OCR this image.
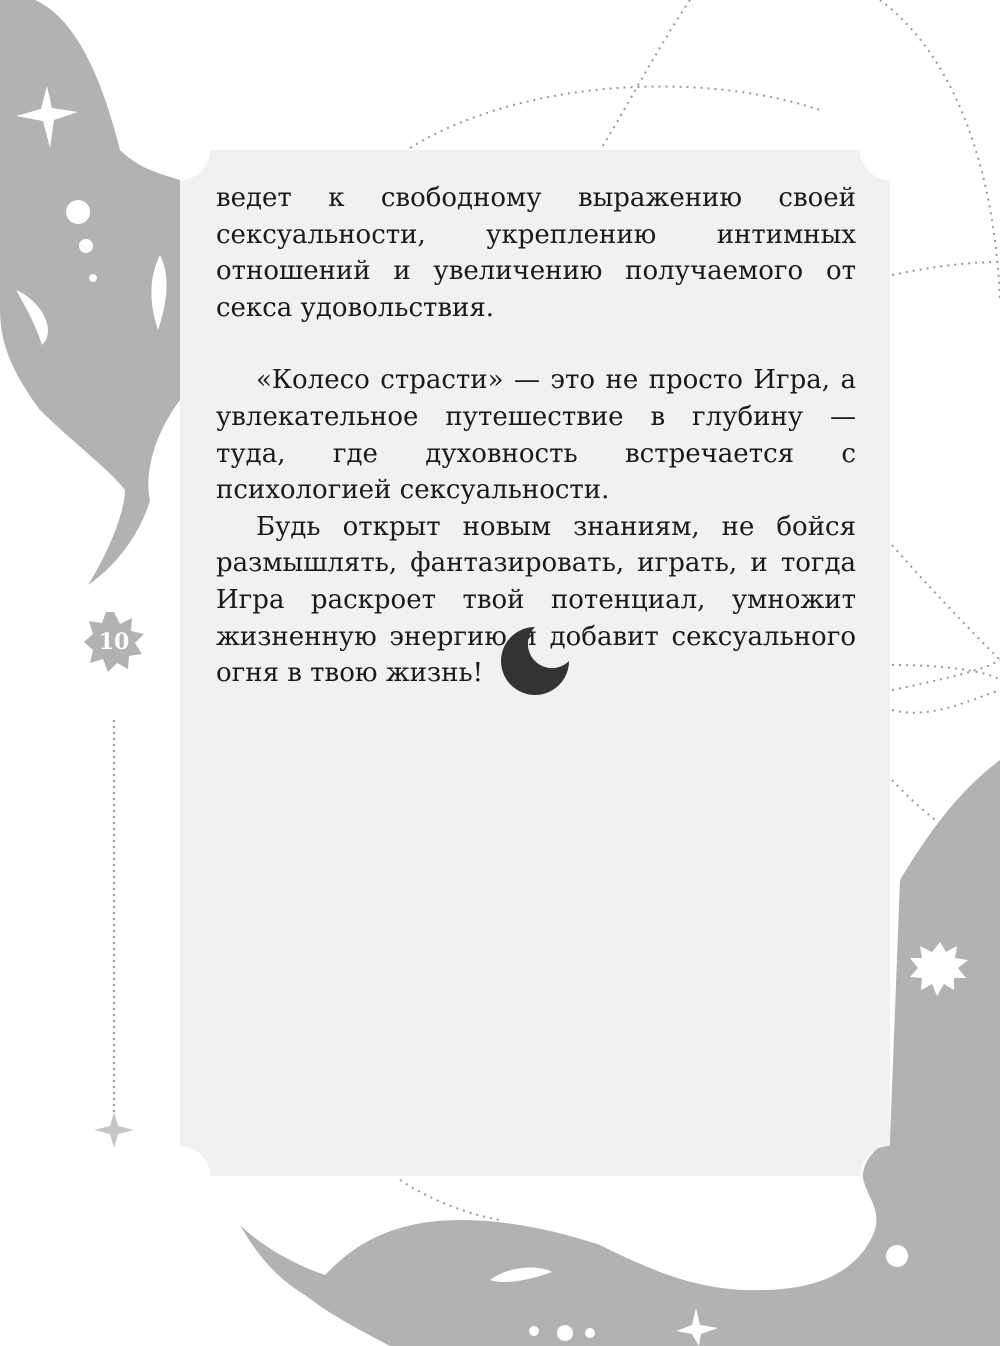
ведет к свободному выражению своей сексуальности, укреплению интимных отношений и увеличению получаемого от секса удовольствия.

«Колесо страсти» — это не просто Игра, а увлекательное путешествие в глубину — туда, где духовность встречается с психологией сексуальности.

Будь открыт новым знаниям, не бойся размышлять, фантазировать, играть, и тогда Игра раскроет твой потенциал, умножит жизненную энергию и добавит сексуального огня в твою жизнь!

10
